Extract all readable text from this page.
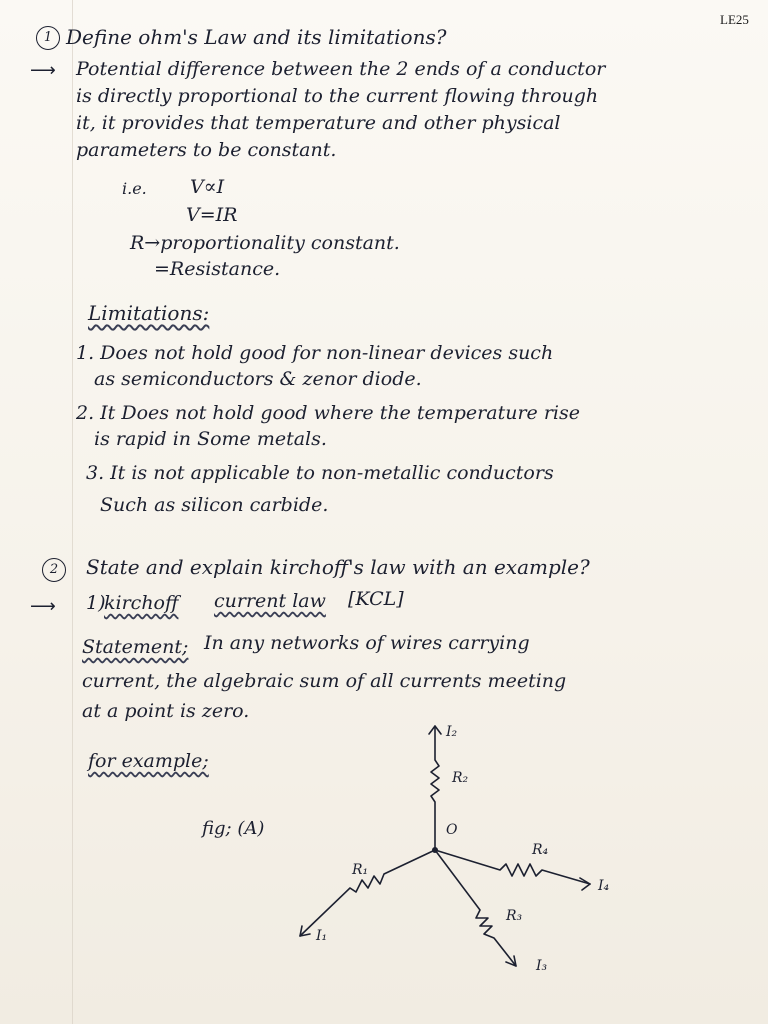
LE25
1 Define ohm's Law and its limitations?
⟶ Potential difference between the 2 ends of a conductor
is directly proportional to the current flowing through
it, it provides that temperature and other physical
parameters to be constant.
i.e. V∝I
V=IR
R→proportionality constant.
=Resistance.
Limitations:
1. Does not hold good for non-linear devices such
as semiconductors & zenor diode.
2. It Does not hold good where the temperature rise
is rapid in Some metals.
3. It is not applicable to non-metallic conductors
Such as silicon carbide.
2	State and explain kirchoff's law with an example?
⟶ 1)
kirchoff current law [KCL]
Statement; In any networks of wires carrying
current, the algebraic sum of all currents meeting
at a point is zero.
for example;
fig; (A)	O
I₂
R₂
R₄
I₄
R₃
I₃
R₁
I₁
